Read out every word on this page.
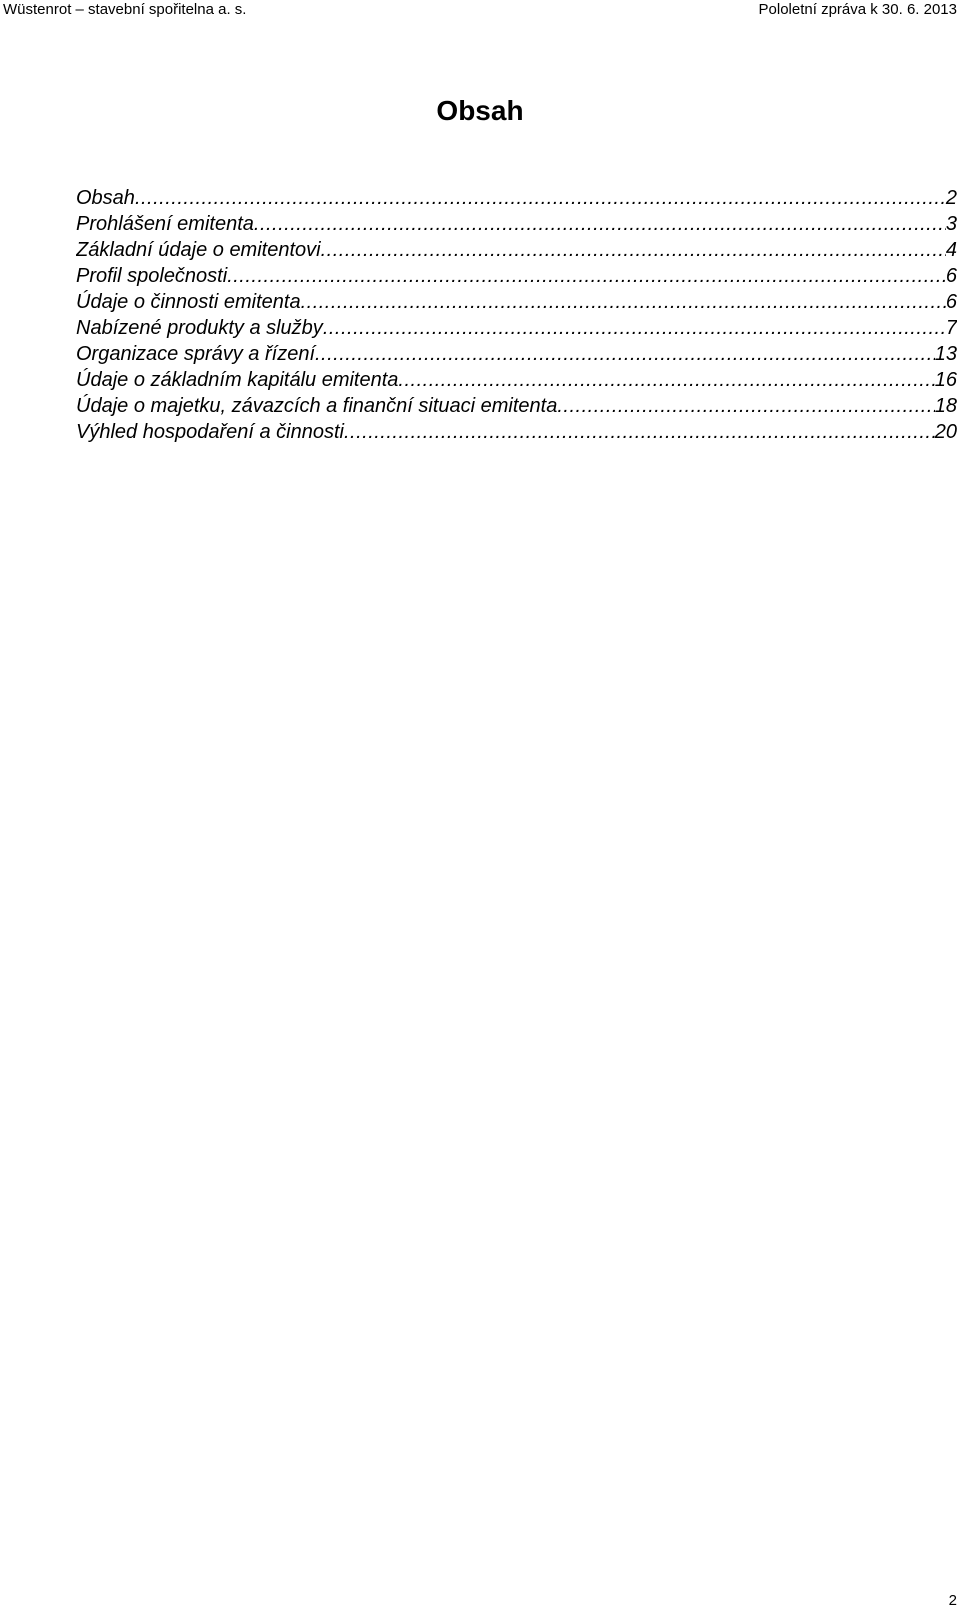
Wüstenrot – stavební spořitelna a. s.	Pololetní zpráva k 30. 6. 2013
Obsah
Obsah .....	2
Prohlášení emitenta .....	3
Základní údaje o emitentovi .....	4
Profil společnosti .....	6
Údaje o činnosti emitenta .....	6
Nabízené produkty a služby .....	7
Organizace správy a řízení .....	13
Údaje o základním kapitálu emitenta .....	16
Údaje o majetku, závazcích a finanční situaci emitenta .....	18
Výhled hospodaření a činnosti .....	20
2
